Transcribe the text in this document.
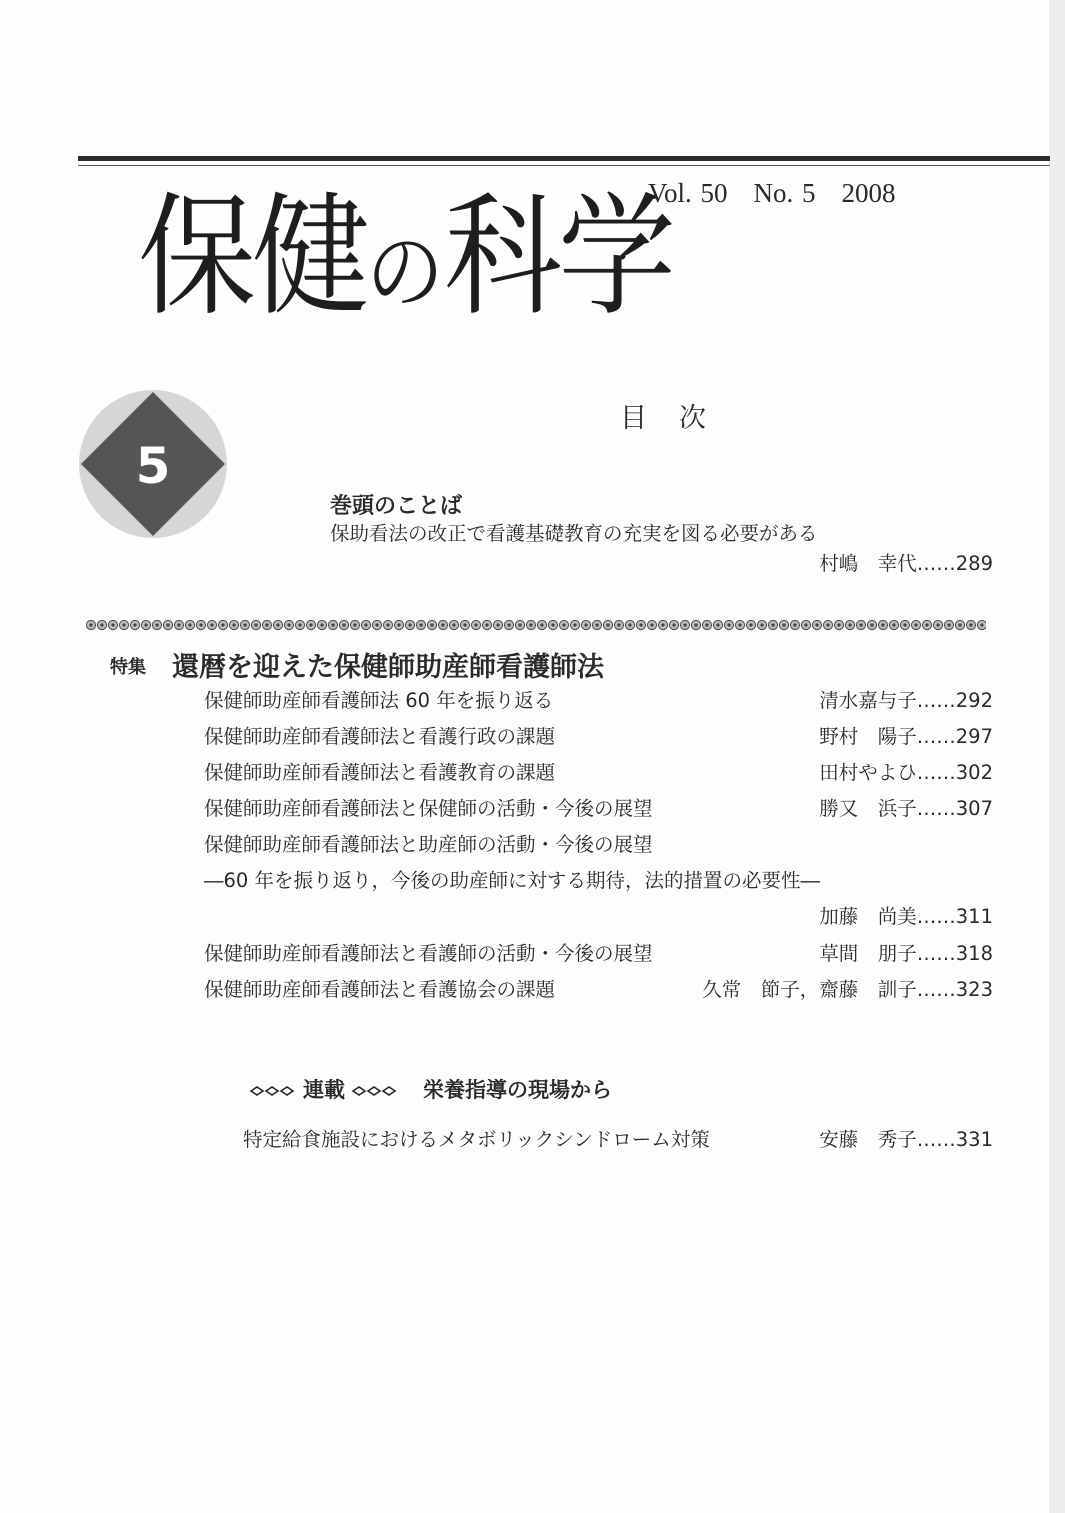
保健の科学
Vol. 50 No. 5 2008
5
目次
巻頭のことば
保助看法の改正で看護基礎教育の充実を図る必要がある
村嶋　幸代……289
特集 還暦を迎えた保健師助産師看護師法
保健師助産師看護師法 60 年を振り返る	清水嘉与子……292
保健師助産師看護師法と看護行政の課題	野村　陽子……297
保健師助産師看護師法と看護教育の課題	田村やよひ……302
保健師助産師看護師法と保健師の活動・今後の展望	勝又　浜子……307
保健師助産師看護師法と助産師の活動・今後の展望
―60 年を振り返り，今後の助産師に対する期待，法的措置の必要性―
加藤　尚美……311
保健師助産師看護師法と看護師の活動・今後の展望	草間　朋子……318
保健師助産師看護師法と看護協会の課題	久常　節子，齋藤　訓子……323
連載	栄養指導の現場から
特定給食施設におけるメタボリックシンドローム対策	安藤　秀子……331
